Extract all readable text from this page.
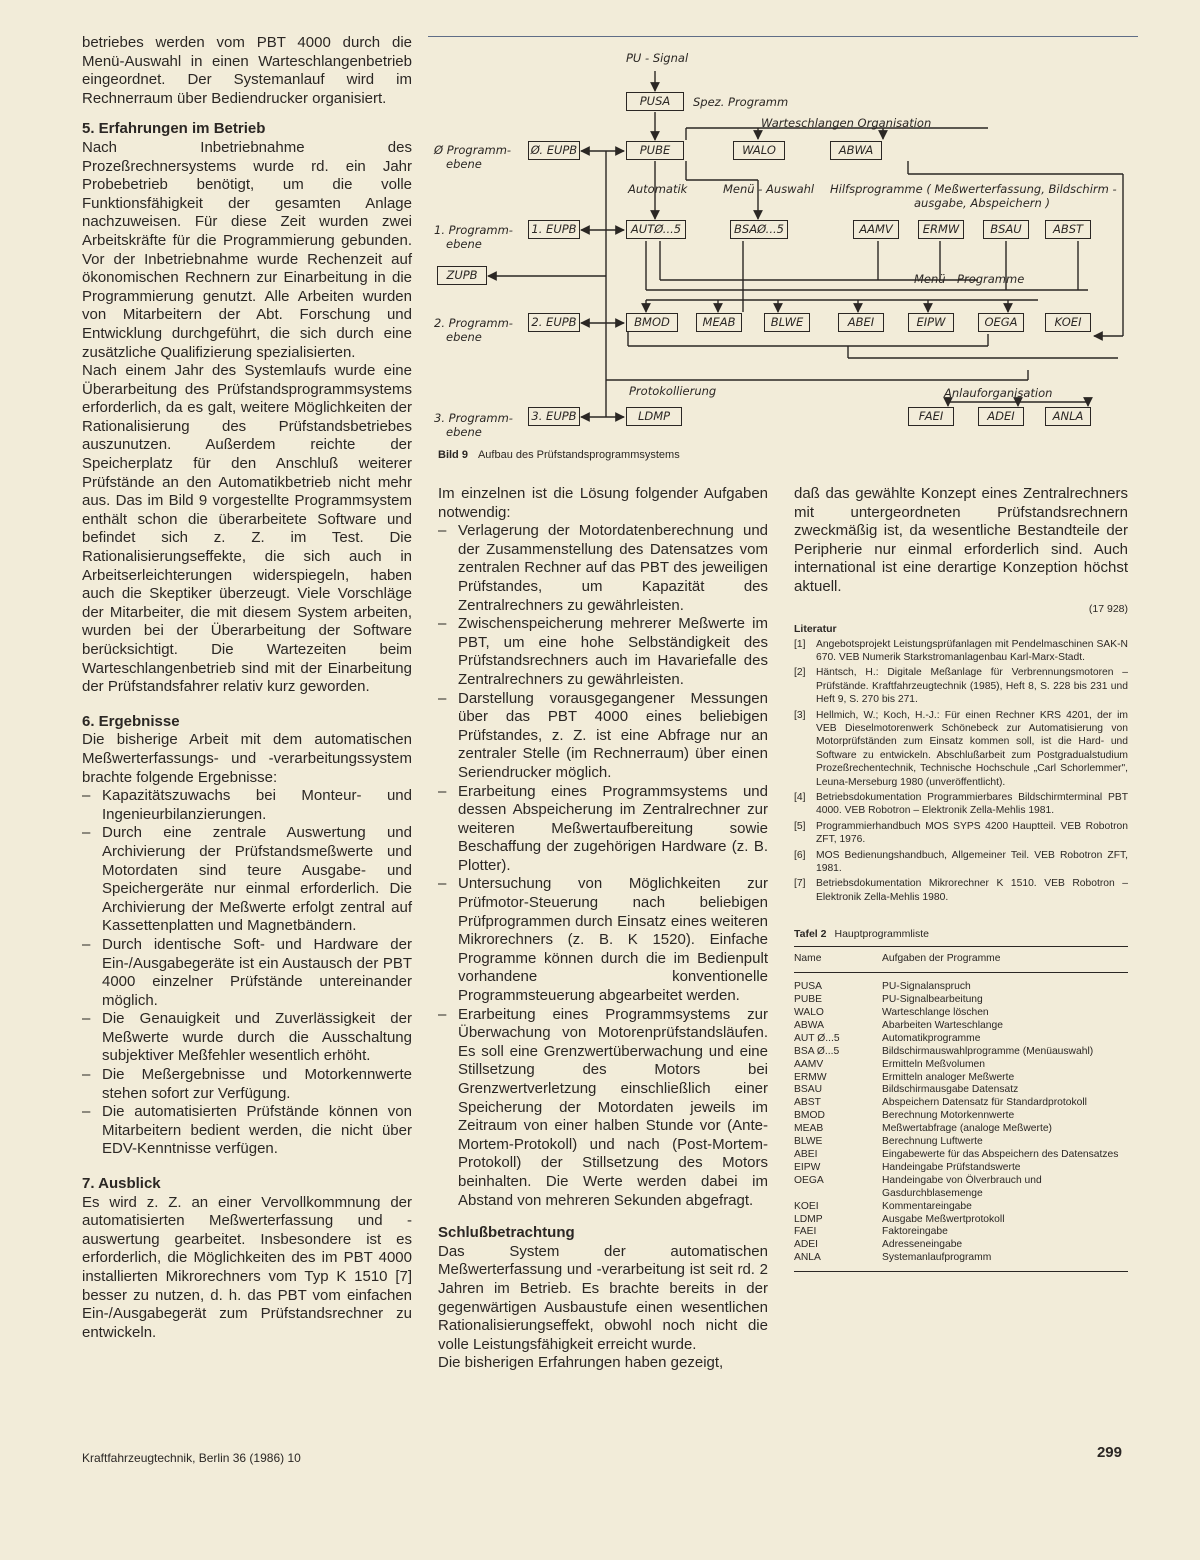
betriebes werden vom PBT 4000 durch die Menü-Auswahl in einen Warteschlangenbetrieb eingeordnet. Der Systemanlauf wird im Rechnerraum über Bediendrucker organisiert.

5. Erfahrungen im Betrieb

Nach Inbetriebnahme des Prozeßrechnersystems wurde rd. ein Jahr Probebetrieb benötigt, um die volle Funktionsfähigkeit der gesamten Anlage nachzuweisen. Für diese Zeit wurden zwei Arbeitskräfte für die Programmierung gebunden. Vor der Inbetriebnahme wurde Rechenzeit auf ökonomischen Rechnern zur Einarbeitung in die Programmierung genutzt. Alle Arbeiten wurden von Mitarbeitern der Abt. Forschung und Entwicklung durchgeführt, die sich durch eine zusätzliche Qualifizierung spezialisierten.

Nach einem Jahr des Systemlaufs wurde eine Überarbeitung des Prüfstandsprogrammsystems erforderlich, da es galt, weitere Möglichkeiten der Rationalisierung des Prüfstandsbetriebes auszunutzen. Außerdem reichte der Speicherplatz für den Anschluß weiterer Prüfstände an den Automatikbetrieb nicht mehr aus. Das im Bild 9 vorgestellte Programmsystem enthält schon die überarbeitete Software und befindet sich z. Z. im Test. Die Rationalisierungseffekte, die sich auch in Arbeitserleichterungen widerspiegeln, haben auch die Skeptiker überzeugt. Viele Vorschläge der Mitarbeiter, die mit diesem System arbeiten, wurden bei der Überarbeitung der Software berücksichtigt. Die Wartezeiten beim Warteschlangenbetrieb sind mit der Einarbeitung der Prüfstandsfahrer relativ kurz geworden.

6. Ergebnisse

Die bisherige Arbeit mit dem automatischen Meßwerterfassungs- und -verarbeitungssystem brachte folgende Ergebnisse:

– Kapazitätszuwachs bei Monteur- und Ingenieurbilanzierungen.
– Durch eine zentrale Auswertung und Archivierung der Prüfstandsmeßwerte und Motordaten sind teure Ausgabe- und Speichergeräte nur einmal erforderlich. Die Archivierung der Meßwerte erfolgt zentral auf Kassettenplatten und Magnetbändern.
– Durch identische Soft- und Hardware der Ein-/Ausgabegeräte ist ein Austausch der PBT 4000 einzelner Prüfstände untereinander möglich.
– Die Genauigkeit und Zuverlässigkeit der Meßwerte wurde durch die Ausschaltung subjektiver Meßfehler wesentlich erhöht.
– Die Meßergebnisse und Motorkennwerte stehen sofort zur Verfügung.
– Die automatisierten Prüfstände können von Mitarbeitern bedient werden, die nicht über EDV-Kenntnisse verfügen.
7. Ausblick

Es wird z. Z. an einer Vervollkommnung der automatisierten Meßwerterfassung und -auswertung gearbeitet. Insbesondere ist es erforderlich, die Möglichkeiten des im PBT 4000 installierten Mikrorechners vom Typ K 1510 [7] besser zu nutzen, d. h. das PBT vom einfachen Ein-/Ausgabegerät zum Prüfstandsrechner zu entwickeln.

PU - Signal
Spez. Programm
Warteschlangen Organisation
Automatik	Menü - Auswahl Hilfsprogramme ( Meßwerterfassung, Bildschirm -
ausgabe, Abspeichern )
Menü - Programme
Protokollierung	Anlauforganisation
Ø Programm-
ebene
1. Programm-
ebene
2. Programm-
ebene
3. Programm-
ebene
PUSA
PUBE	WALO	ABWA
Ø. EUPB
1. EUPB
2. EUPB
3. EUPB
ZUPB
AUTØ...5	BSAØ...5	AAMV	ERMW	BSAU	ABST
BMOD	MEAB	BLWE	ABEI	EIPW	OEGA	KOEI
LDMP	FAEI	ADEI	ANLA
Bild 9 Aufbau des Prüfstandsprogrammsystems

Im einzelnen ist die Lösung folgender Aufgaben notwendig:

– Verlagerung der Motordatenberechnung und der Zusammenstellung des Datensatzes vom zentralen Rechner auf das PBT des jeweiligen Prüfstandes, um Kapazität des Zentralrechners zu gewährleisten.
– Zwischenspeicherung mehrerer Meßwerte im PBT, um eine hohe Selbständigkeit des Prüfstandsrechners auch im Havariefalle des Zentralrechners zu gewährleisten.
– Darstellung vorausgegangener Messungen über das PBT 4000 eines beliebigen Prüfstandes, z. Z. ist eine Abfrage nur an zentraler Stelle (im Rechnerraum) über einen Seriendrucker möglich.
– Erarbeitung eines Programmsystems und dessen Abspeicherung im Zentralrechner zur weiteren Meßwertaufbereitung sowie Beschaffung der zugehörigen Hardware (z. B. Plotter).
– Untersuchung von Möglichkeiten zur Prüfmotor-Steuerung nach beliebigen Prüfprogrammen durch Einsatz eines weiteren Mikrorechners (z. B. K 1520). Einfache Programme können durch die im Bedienpult vorhandene konventionelle Programmsteuerung abgearbeitet werden.
– Erarbeitung eines Programmsystems zur Überwachung von Motorenprüfstandsläufen. Es soll eine Grenzwertüberwachung und eine Stillsetzung des Motors bei Grenzwertverletzung einschließlich einer Speicherung der Motordaten jeweils im Zeitraum von einer halben Stunde vor (Ante-Mortem-Protokoll) und nach (Post-Mortem-Protokoll) der Stillsetzung des Motors beinhalten. Die Werte werden dabei im Abstand von mehreren Sekunden abgefragt.
Schlußbetrachtung

Das System der automatischen Meßwerterfassung und -verarbeitung ist seit rd. 2 Jahren im Betrieb. Es brachte bereits in der gegenwärtigen Ausbaustufe einen wesentlichen Rationalisierungseffekt, obwohl noch nicht die volle Leistungsfähigkeit erreicht wurde.

Die bisherigen Erfahrungen haben gezeigt,

daß das gewählte Konzept eines Zentralrechners mit untergeordneten Prüfstandsrechnern zweckmäßig ist, da wesentliche Bestandteile der Peripherie nur einmal erforderlich sind. Auch international ist eine derartige Konzeption höchst aktuell.

(17 928)
Literatur
[1] Angebotsprojekt Leistungsprüfanlagen mit Pendelmaschinen SAK-N 670. VEB Numerik Starkstromanlagenbau Karl-Marx-Stadt.
[2] Häntsch, H.: Digitale Meßanlage für Verbrennungsmotoren – Prüfstände. Kraftfahrzeugtechnik (1985), Heft 8, S. 228 bis 231 und Heft 9, S. 270 bis 271.
[3] Hellmich, W.; Koch, H.-J.: Für einen Rechner KRS 4201, der im VEB Dieselmotorenwerk Schönebeck zur Automatisierung von Motorprüfständen zum Einsatz kommen soll, ist die Hard- und Software zu entwickeln. Abschlußarbeit zum Postgradualstudium Prozeßrechentechnik, Technische Hochschule „Carl Schorlemmer", Leuna-Merseburg 1980 (unveröffentlicht).
[4] Betriebsdokumentation Programmierbares Bildschirmterminal PBT 4000. VEB Robotron – Elektronik Zella-Mehlis 1981.
[5] Programmierhandbuch MOS SYPS 4200 Hauptteil. VEB Robotron ZFT, 1976.
[6] MOS Bedienungshandbuch, Allgemeiner Teil. VEB Robotron ZFT, 1981.
[7] Betriebsdokumentation Mikrorechner K 1510. VEB Robotron – Elektronik Zella-Mehlis 1980.
Tafel 2 Hauptprogrammliste
Name	Aufgaben der Programme
PUSA	PU-Signalanspruch
PUBE	PU-Signalbearbeitung
WALO	Warteschlange löschen
ABWA	Abarbeiten Warteschlange
AUT Ø...5	Automatikprogramme
BSA Ø...5	Bildschirmauswahlprogramme (Menüauswahl)
AAMV	Ermitteln Meßvolumen
ERMW	Ermitteln analoger Meßwerte
BSAU	Bildschirmausgabe Datensatz
ABST	Abspeichern Datensatz für Standardprotokoll
BMOD	Berechnung Motorkennwerte
MEAB	Meßwertabfrage (analoge Meßwerte)
BLWE	Berechnung Luftwerte
ABEI	Eingabewerte für das Abspeichern des Datensatzes
EIPW	Handeingabe Prüfstandswerte
OEGA	Handeingabe von Ölverbrauch und Gasdurchblasemenge
KOEI	Kommentareingabe
LDMP	Ausgabe Meßwertprotokoll
FAEI	Faktoreingabe
ADEI	Adresseneingabe
ANLA	Systemanlaufprogramm
Kraftfahrzeugtechnik, Berlin 36 (1986) 10	299
